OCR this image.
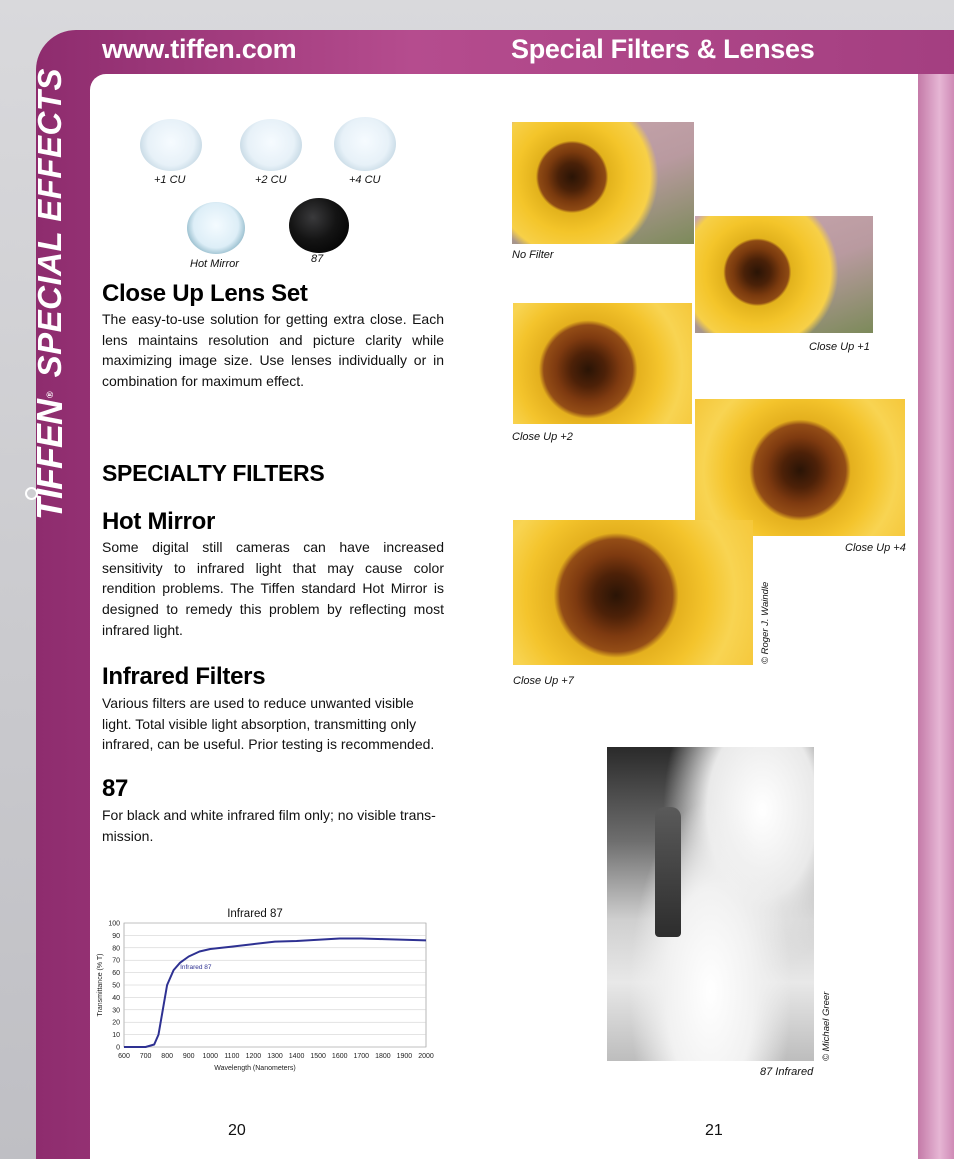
www.tiffen.com	Special Filters & Lenses
TIFFEN
®
SPECIAL EFFECTS	+1 CU	+2 CU	+4 CU
Hot Mirror	87
Close Up Lens Set
The easy-to-use solution for getting extra close. Each lens maintains resolution and picture clarity while maximizing image size. Use lenses individually or in combination for maximum effect.
SPECIALTY FILTERS
Hot Mirror
Some digital still cameras can have increased sensitivity to infrared light that may cause color rendition problems. The Tiffen standard Hot Mirror is designed to remedy this problem by reflecting most infrared light.
Infrared Filters
Various filters are used to reduce unwanted visible light. Total visible light absorption, transmitting only infrared, can be useful. Prior testing is recommended.
87
For black and white infrared film only; no visible trans-mission.
0
10
20
30
40
50
60
70
80
90
100
600 700 800 900 1000 1100 1200 1300 1400 1500 1600 1700 1800 1900 2000
Infrared 87
Wavelength (Nanometers)
Transmittance (% T)	Infrared 87
No Filter
Close Up +1
Close Up +2
Close Up +4
Close Up +7
© Roger J. Waindle
© Michael Greer
87 Infrared
20	21
